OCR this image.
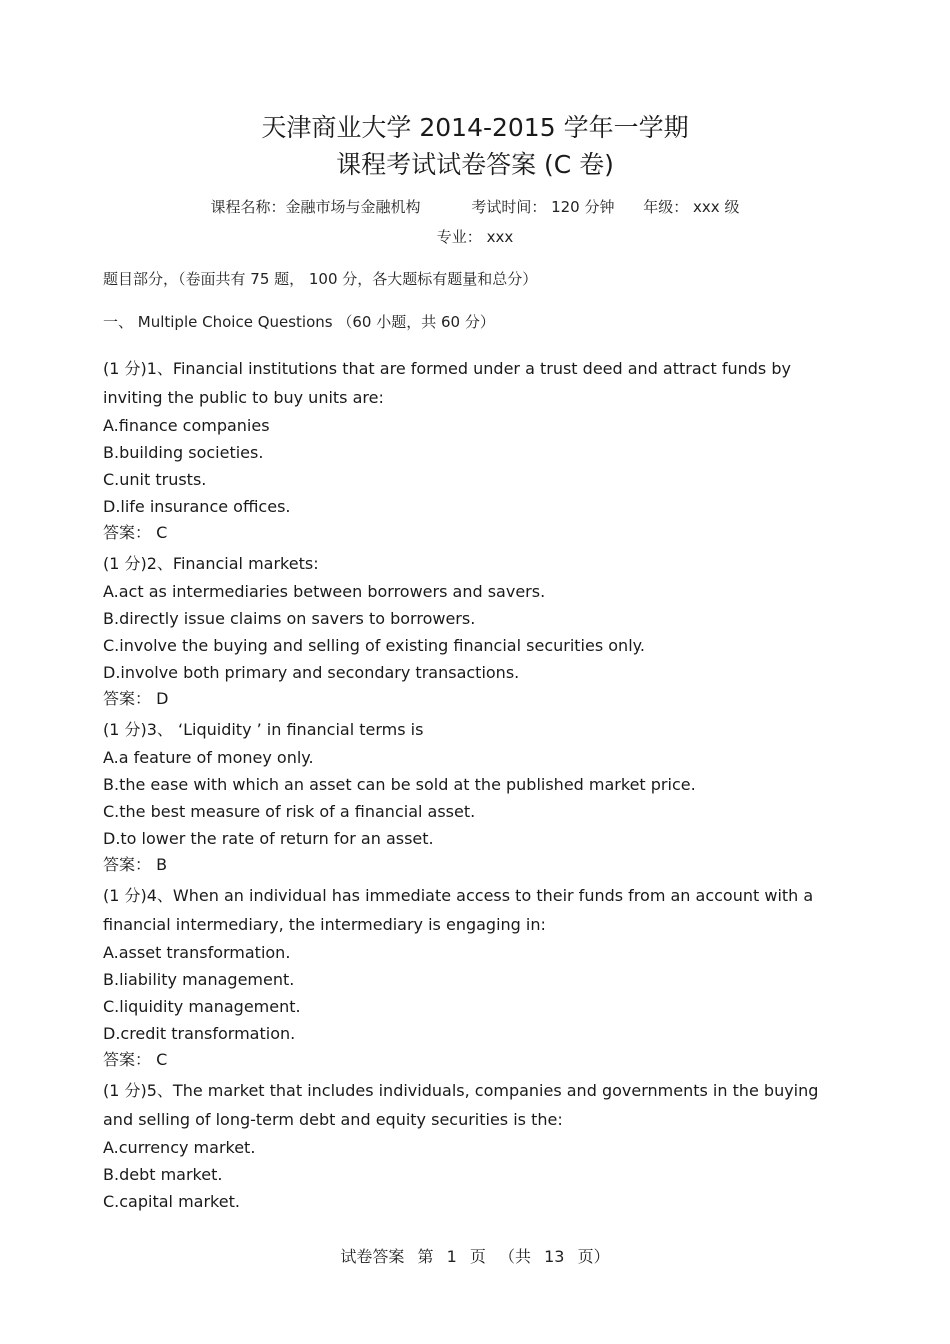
天津商业大学 2014-2015 学年一学期
课程考试试卷答案 (C 卷)
课程名称：金融市场与金融机构	考试时间： 120 分钟 年级： xxx 级
专业： xxx
题目部分，（卷面共有 75 题， 100 分，各大题标有题量和总分）
一、 Multiple Choice Questions （60 小题，共 60 分）

(1 分)1、Financial institutions that are formed under a trust deed and attract funds by inviting the public to buy units are:

A.finance companies

B.building societies.

C.unit trusts.

D.life insurance offices.

答案： C

(1 分)2、Financial markets:

A.act as intermediaries between borrowers and savers.

B.directly issue claims on savers to borrowers.

C.involve the buying and selling of existing financial securities only.

D.involve both primary and secondary transactions.

答案： D

(1 分)3、 ‘Liquidity ’ in financial terms is

A.a feature of money only.

B.the ease with which an asset can be sold at the published market price.

C.the best measure of risk of a financial asset.

D.to lower the rate of return for an asset.

答案： B

(1 分)4、When an individual has immediate access to their funds from an account with a financial intermediary, the intermediary is engaging in:

A.asset transformation.

B.liability management.

C.liquidity management.

D.credit transformation.

答案： C

(1 分)5、The market that includes individuals, companies and governments in the buying and selling of long-term debt and equity securities is the:

A.currency market.

B.debt market.

C.capital market.

试卷答案 第 1 页 （共 13 页）
